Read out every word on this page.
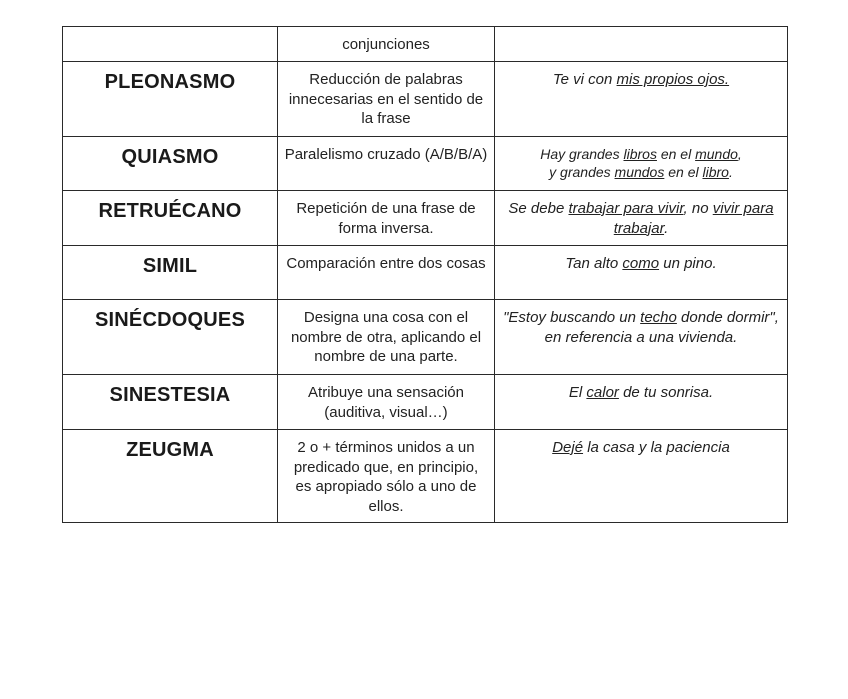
	conjunciones	
PLEONASMO	Reducción de palabras innecesarias en el sentido de la frase	Te vi con mis propios ojos.

QUIASMO	Paralelismo cruzado (A/B/B/A)	Hay grandes libros en el mundo,
y grandes mundos en el libro.

RETRUÉCANO	Repetición de una frase de forma inversa.	Se debe trabajar para vivir, no vivir para trabajar.

SIMIL	Comparación entre dos cosas	Tan alto como un pino.

SINÉCDOQUES	Designa una cosa con el nombre de otra, aplicando el nombre de una parte.	"Estoy buscando un techo donde dormir", en referencia a una vivienda.

SINESTESIA	Atribuye una sensación (auditiva, visual…)	El calor de tu sonrisa.

ZEUGMA	2 o + términos unidos a un predicado que, en principio, es apropiado sólo a uno de ellos.	Dejé la casa y la paciencia
